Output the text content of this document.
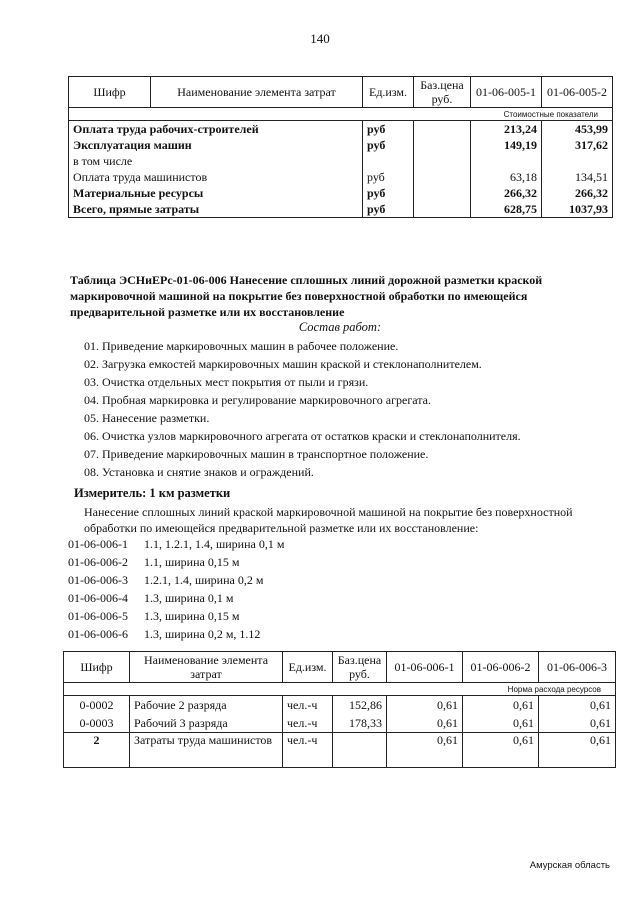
140
Шифр	Наименование элемента затрат	Ед.изм.	Баз.цена руб.	01-06-005-1	01-06-005-2
Стоимостные показатели					
Оплата труда рабочих-строителей		руб		213,24	453,99
Эксплуатация машин		руб		149,19	317,62
в том числе					
Оплата труда машинистов		руб		63,18	134,51
Материальные ресурсы		руб		266,32	266,32
Всего, прямые затраты		руб		628,75	1037,93
Таблица ЭСНиЕРс-01-06-006 Нанесение сплошных линий дорожной разметки краской маркировочной машиной на покрытие без поверхностной обработки по имеющейся предварительной разметке или их восстановление
Состав работ:
01. Приведение маркировочных машин в рабочее положение.
02. Загрузка емкостей маркировочных машин краской и стеклонаполнителем.
03. Очистка отдельных мест покрытия от пыли и грязи.
04. Пробная маркировка и регулирование маркировочного агрегата.
05. Нанесение разметки.
06. Очистка узлов маркировочного агрегата от остатков краски и стеклонаполнителя.
07. Приведение маркировочных машин в транспортное положение.
08. Установка и снятие знаков и ограждений.
Измеритель: 1 км разметки
Нанесение сплошных линий краской маркировочной машиной на покрытие без поверхностной обработки по имеющейся предварительной разметке или их восстановление:
01-06-006-1 1.1, 1.2.1, 1.4, ширина 0,1 м
01-06-006-2 1.1, ширина 0,15 м
01-06-006-3 1.2.1, 1.4, ширина 0,2 м
01-06-006-4 1.3, ширина 0,1 м
01-06-006-5 1.3, ширина 0,15 м
01-06-006-6 1.3, ширина 0,2 м, 1.12
Шифр	Наименование элемента затрат	Ед.изм.	Баз.цена руб.	01-06-006-1	01-06-006-2	01-06-006-3
Норма расхода ресурсов						
0-0002	Рабочие 2 разряда	чел.-ч	152,86	0,61	0,61	0,61
0-0003	Рабочий 3 разряда	чел.-ч	178,33	0,61	0,61	0,61
2	Затраты труда машинистов	чел.-ч		0,61	0,61	0,61
Амурская область
